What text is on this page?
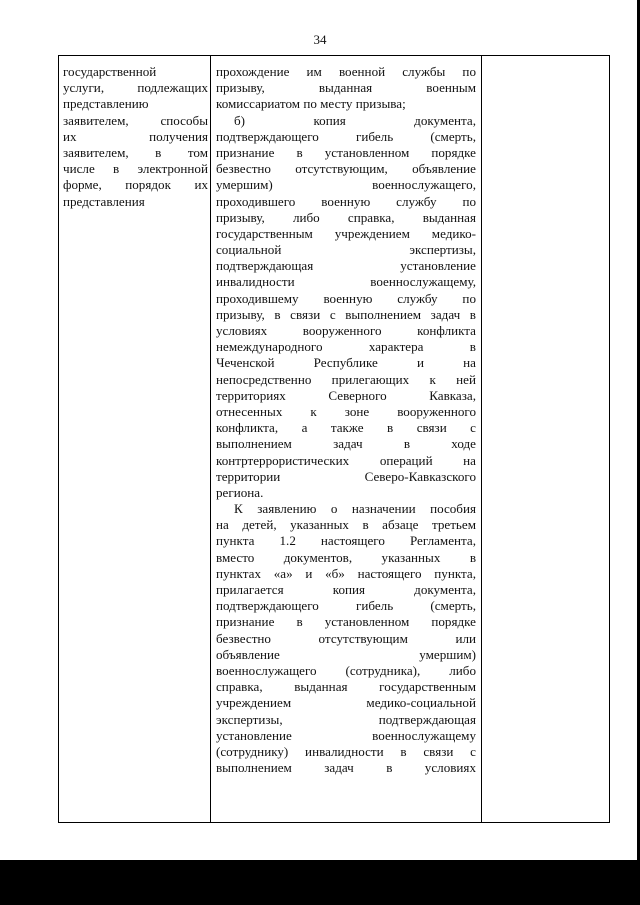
34
государственной
услуги, подлежащих
представлению
заявителем, способы
их получения
заявителем, в том
числе в электронной
форме, порядок их
представления
прохождение им военной службы по
призыву, выданная военным
комиссариатом по месту призыва;
б) копия документа,
подтверждающего гибель (смерть,
признание в установленном порядке
безвестно отсутствующим, объявление
умершим) военнослужащего,
проходившего военную службу по
призыву, либо справка, выданная
государственным учреждением медико-
социальной экспертизы,
подтверждающая установление
инвалидности военнослужащему,
проходившему военную службу по
призыву, в связи с выполнением задач в
условиях вооруженного конфликта
немеждународного характера в
Чеченской Республике и на
непосредственно прилегающих к ней
территориях Северного Кавказа,
отнесенных к зоне вооруженного
конфликта, а также в связи с
выполнением задач в ходе
контртеррористических операций на
территории Северо-Кавказского
региона.
К заявлению о назначении пособия
на детей, указанных в абзаце третьем
пункта 1.2 настоящего Регламента,
вместо документов, указанных в
пунктах «а» и «б» настоящего пункта,
прилагается копия документа,
подтверждающего гибель (смерть,
признание в установленном порядке
безвестно отсутствующим или
объявление умершим)
военнослужащего (сотрудника), либо
справка, выданная государственным
учреждением медико-социальной
экспертизы, подтверждающая
установление военнослужащему
(сотруднику) инвалидности в связи с
выполнением задач в условиях
